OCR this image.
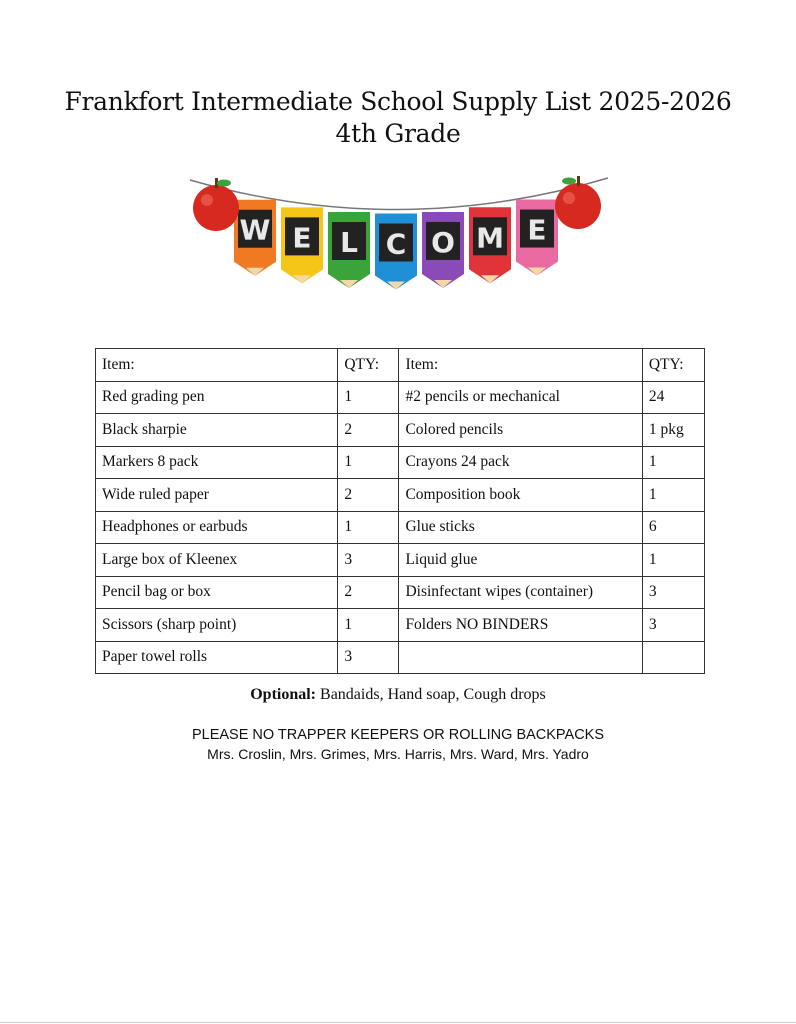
Frankfort Intermediate School Supply List 2025-2026
4th Grade
W E L C O M E
Item:	QTY:	Item:	QTY:
Red grading pen	1	#2 pencils or mechanical	24
Black sharpie	2	Colored pencils	1 pkg
Markers 8 pack	1	Crayons 24 pack	1
Wide ruled paper	2	Composition book	1
Headphones or earbuds	1	Glue sticks	6
Large box of Kleenex	3	Liquid glue	1
Pencil bag or box	2	Disinfectant wipes (container)	3
Scissors (sharp point)	1	Folders NO BINDERS	3
Paper towel rolls	3		
Optional: Bandaids, Hand soap, Cough drops
PLEASE NO TRAPPER KEEPERS OR ROLLING BACKPACKS
Mrs. Croslin, Mrs. Grimes, Mrs. Harris, Mrs. Ward, Mrs. Yadro
